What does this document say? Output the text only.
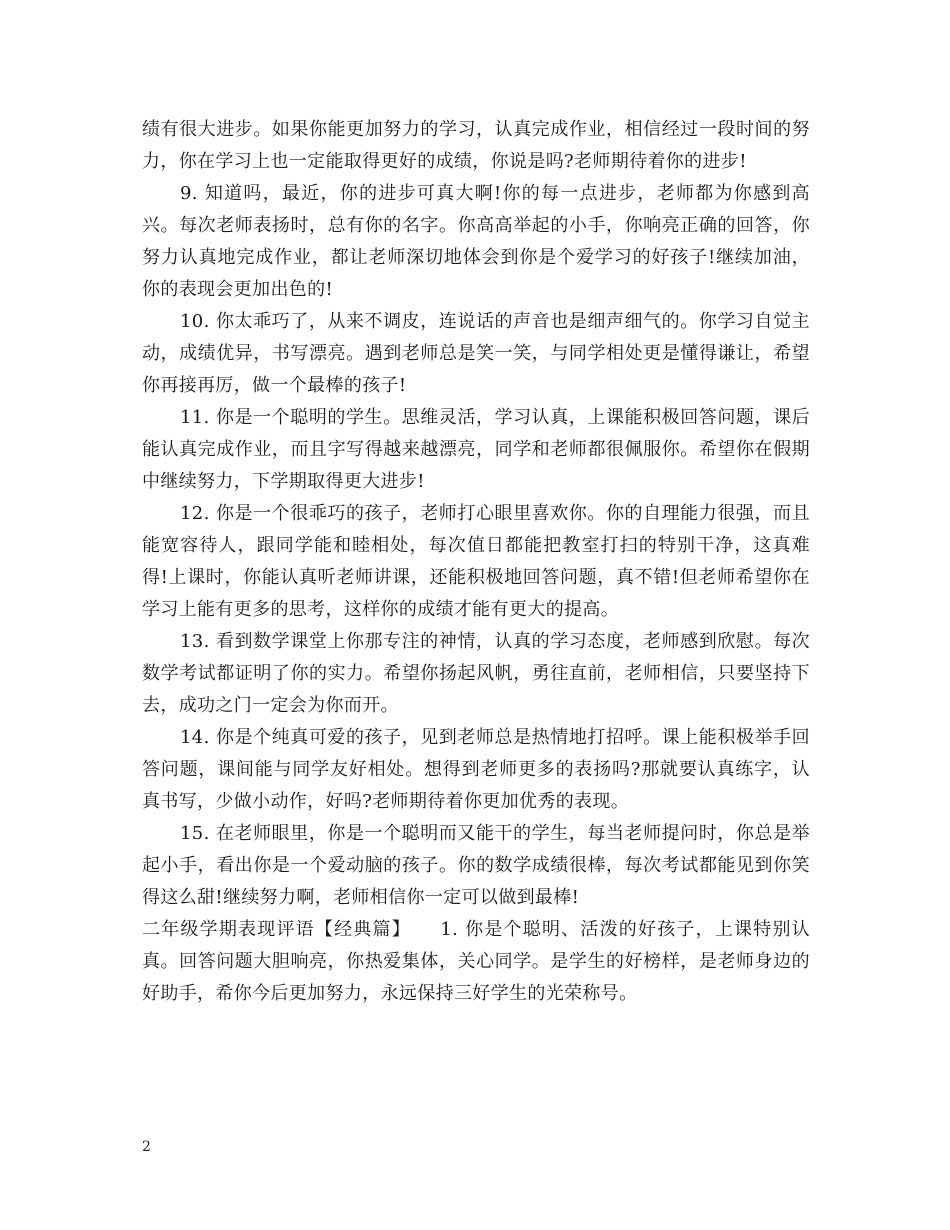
绩有很大进步。如果你能更加努力的学习，认真完成作业，相信经过一段时间的努力，你在学习上也一定能取得更好的成绩，你说是吗?老师期待着你的进步!

9. 知道吗，最近，你的进步可真大啊!你的每一点进步，老师都为你感到高兴。每次老师表扬时，总有你的名字。你高高举起的小手，你响亮正确的回答，你努力认真地完成作业，都让老师深切地体会到你是个爱学习的好孩子!继续加油，你的表现会更加出色的!

10. 你太乖巧了，从来不调皮，连说话的声音也是细声细气的。你学习自觉主动，成绩优异，书写漂亮。遇到老师总是笑一笑，与同学相处更是懂得谦让，希望你再接再厉，做一个最棒的孩子!

11. 你是一个聪明的学生。思维灵活，学习认真，上课能积极回答问题，课后能认真完成作业，而且字写得越来越漂亮，同学和老师都很佩服你。希望你在假期中继续努力，下学期取得更大进步!

12. 你是一个很乖巧的孩子，老师打心眼里喜欢你。你的自理能力很强，而且能宽容待人，跟同学能和睦相处，每次值日都能把教室打扫的特别干净，这真难得!上课时，你能认真听老师讲课，还能积极地回答问题，真不错!但老师希望你在学习上能有更多的思考，这样你的成绩才能有更大的提高。

13. 看到数学课堂上你那专注的神情，认真的学习态度，老师感到欣慰。每次数学考试都证明了你的实力。希望你扬起风帆，勇往直前，老师相信，只要坚持下去，成功之门一定会为你而开。

14. 你是个纯真可爱的孩子，见到老师总是热情地打招呼。课上能积极举手回答问题，课间能与同学友好相处。想得到老师更多的表扬吗?那就要认真练字，认真书写，少做小动作，好吗?老师期待着你更加优秀的表现。

15. 在老师眼里，你是一个聪明而又能干的学生，每当老师提问时，你总是举起小手，看出你是一个爱动脑的孩子。你的数学成绩很棒，每次考试都能见到你笑得这么甜!继续努力啊，老师相信你一定可以做到最棒!

二年级学期表现评语【经典篇】　　1. 你是个聪明、活泼的好孩子，上课特别认真。回答问题大胆响亮，你热爱集体，关心同学。是学生的好榜样，是老师身边的好助手，希你今后更加努力，永远保持三好学生的光荣称号。

2
